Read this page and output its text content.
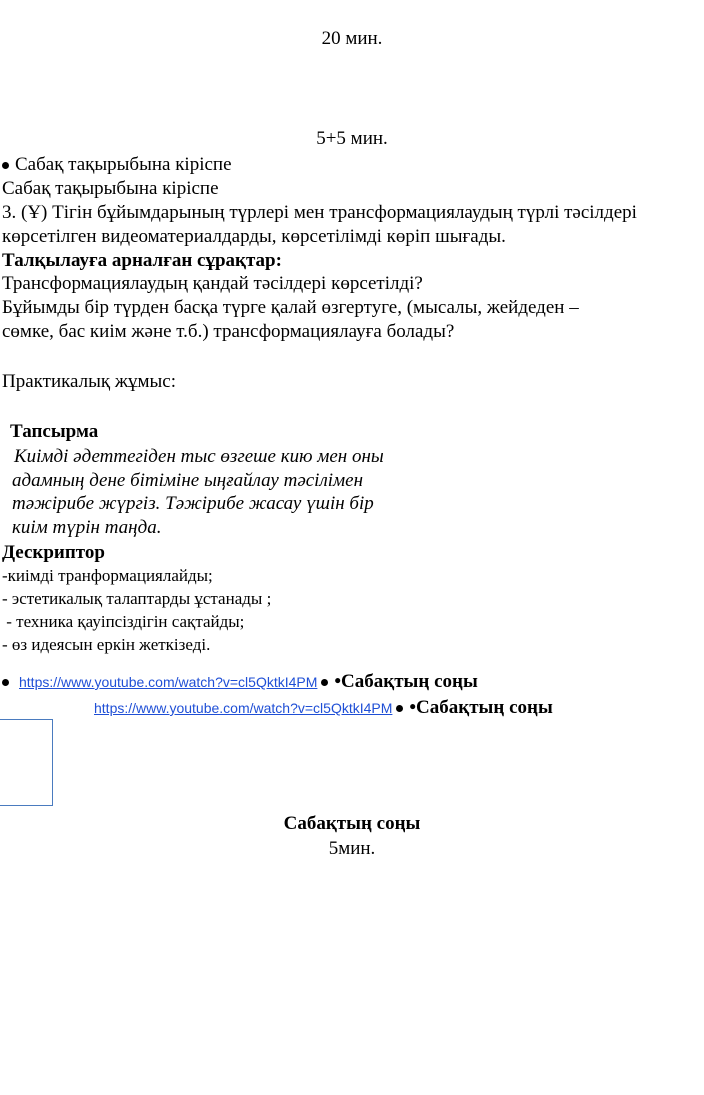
20 мин.
5+5 мин.
Сабақ тақырыбына кіріспе
Сабақ тақырыбына кіріспе
3. (Ұ) Тігін бұйымдарының түрлері мен трансформациялаудың түрлі тәсілдері
көрсетілген видеоматериалдарды, көрсетілімді көріп шығады.
Талқылауға арналған сұрақтар:
Трансформациялаудың қандай тәсілдері көрсетілді?
Бұйымды бір түрден басқа түрге қалай өзгертуге, (мысалы, жейдеден –
сөмке, бас киім және т.б.) трансформациялауға болады?
Практикалық жұмыс:
Тапсырма
Киімді әдеттегіден тыс өзгеше кию мен оны
адамның дене бітіміне ыңғайлау тәсілімен
тәжірибе жүргіз. Тәжірибе жасау үшін бір
киім түрін таңда.
Дескриптор
-киімді транформациялайды;
- эстетикалық талаптарды ұстанады ;
- техника қауіпсіздігін сақтайды;
- өз идеясын еркін жеткізеді.
https://www.youtube.com/watch?v=cl5QktkI4PM •Сабақтың соңы
https://www.youtube.com/watch?v=cl5QktkI4PM •Сабақтың соңы
Сабақтың соңы
5мин.
